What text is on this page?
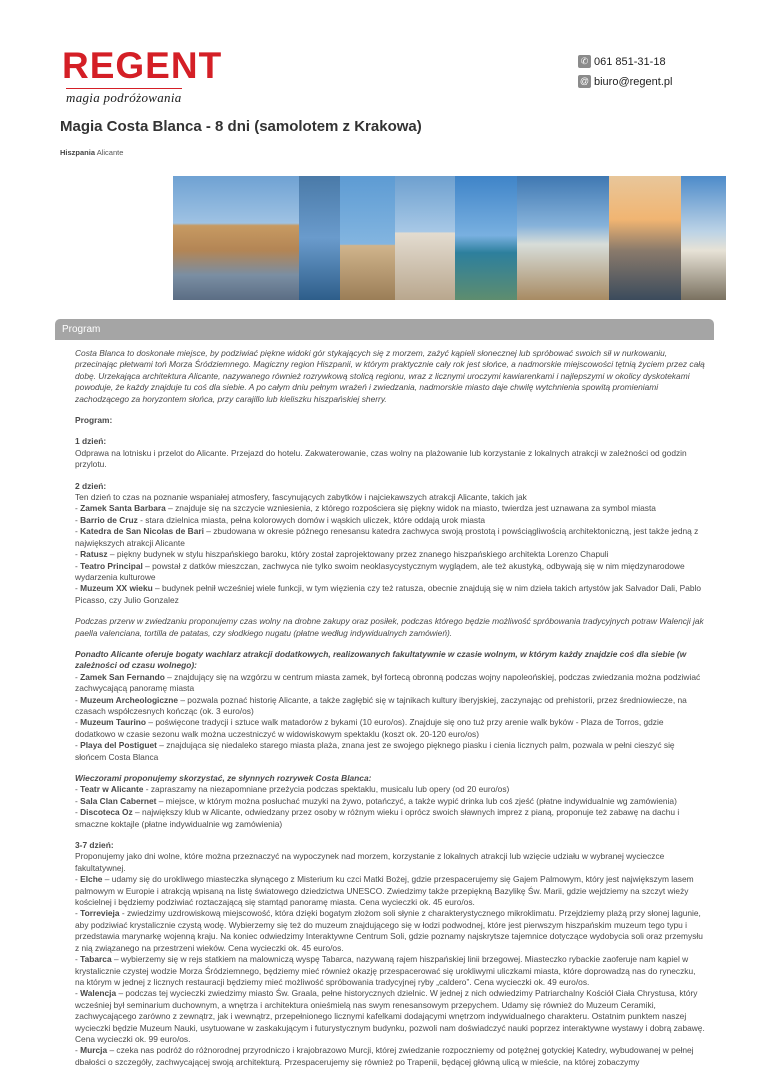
REGENT
magia podróżowania
✆ 061 851-31-18
@ biuro@regent.pl
Magia Costa Blanca - 8 dni (samolotem z Krakowa)
Hiszpania Alicante
Program

Costa Blanca to doskonałe miejsce, by podziwiać piękne widoki gór stykających się z morzem, zażyć kąpieli słonecznej lub spróbować swoich sił w nurkowaniu, przecinając płetwami toń Morza Śródziemnego. Magiczny region Hiszpanii, w którym praktycznie cały rok jest słońce, a nadmorskie miejscowości tętnią życiem przez całą dobę. Urzekająca architektura Alicante, nazywanego również rozrywkową stolicą regionu, wraz z licznymi uroczymi kawiarenkami i najlepszymi w okolicy dyskotekami powoduje, że każdy znajduje tu coś dla siebie. A po całym dniu pełnym wrażeń i zwiedzania, nadmorskie miasto daje chwilę wytchnienia spowitą promieniami zachodzącego za horyzontem słońca, przy carajillo lub kieliszku hiszpańskiej sherry.

Program:

1 dzień:
Odprawa na lotnisku i przelot do Alicante. Przejazd do hotelu. Zakwaterowanie, czas wolny na plażowanie lub korzystanie z lokalnych atrakcji w zależności od godzin przylotu.

2 dzień:
Ten dzień to czas na poznanie wspaniałej atmosfery, fascynujących zabytków i najciekawszych atrakcji Alicante, takich jak
- Zamek Santa Barbara – znajduje się na szczycie wzniesienia, z którego rozpościera się piękny widok na miasto, twierdza jest uznawana za symbol miasta
- Barrio de Cruz - stara dzielnica miasta, pełna kolorowych domów i wąskich uliczek, które oddają urok miasta
- Katedra de San Nicolas de Bari – zbudowana w okresie późnego renesansu katedra zachwyca swoją prostotą i powściągliwością architektoniczną, jest także jedną z największych atrakcji Alicante
- Ratusz – piękny budynek w stylu hiszpańskiego baroku, który został zaprojektowany przez znanego hiszpańskiego architekta Lorenzo Chapuli
- Teatro Principal – powstał z datków mieszczan, zachwyca nie tylko swoim neoklasycystycznym wyglądem, ale też akustyką, odbywają się w nim międzynarodowe wydarzenia kulturowe
- Muzeum XX wieku – budynek pełnił wcześniej wiele funkcji, w tym więzienia czy też ratusza, obecnie znajdują się w nim dzieła takich artystów jak Salvador Dali, Pablo Picasso, czy Julio Gonzalez

Podczas przerw w zwiedzaniu proponujemy czas wolny na drobne zakupy oraz posiłek, podczas którego będzie możliwość spróbowania tradycyjnych potraw Walencji jak paella valenciana, tortilla de patatas, czy słodkiego nugatu (płatne według indywidualnych zamówień).

Ponadto Alicante oferuje bogaty wachlarz atrakcji dodatkowych, realizowanych fakultatywnie w czasie wolnym, w którym każdy znajdzie coś dla siebie (w zależności od czasu wolnego):
- Zamek San Fernando – znajdujący się na wzgórzu w centrum miasta zamek, był fortecą obronną podczas wojny napoleońskiej, podczas zwiedzania można podziwiać zachwycającą panoramę miasta
- Muzeum Archeologiczne – pozwala poznać historię Alicante, a także zagłębić się w tajnikach kultury iberyjskiej, zaczynając od prehistorii, przez średniowiecze, na czasach współczesnych kończąc (ok. 3 euro/os)
- Muzeum Taurino – poświęcone tradycji i sztuce walk matadorów z bykami (10 euro/os). Znajduje się ono tuż przy arenie walk byków - Plaza de Torros, gdzie dodatkowo w czasie sezonu walk można uczestniczyć w widowiskowym spektaklu (koszt ok. 20-120 euro/os)
- Playa del Postiguet – znajdująca się niedaleko starego miasta plaża, znana jest ze swojego pięknego piasku i cienia licznych palm, pozwala w pełni cieszyć się słońcem Costa Blanca

Wieczorami proponujemy skorzystać, ze słynnych rozrywek Costa Blanca:
- Teatr w Alicante - zapraszamy na niezapomniane przeżycia podczas spektaklu, musicalu lub opery (od 20 euro/os)
- Sala Clan Cabernet – miejsce, w którym można posłuchać muzyki na żywo, potańczyć, a także wypić drinka lub coś zjeść (płatne indywidualnie wg zamówienia)
- Discoteca Oz – największy klub w Alicante, odwiedzany przez osoby w różnym wieku i oprócz swoich sławnych imprez z pianą, proponuje też zabawę na dachu i smaczne koktajle (płatne indywidualnie wg zamówienia)

3-7 dzień:
Proponujemy jako dni wolne, które można przeznaczyć na wypoczynek nad morzem, korzystanie z lokalnych atrakcji lub wzięcie udziału w wybranej wycieczce fakultatywnej.
- Elche – udamy się do urokliwego miasteczka słynącego z Misterium ku czci Matki Bożej, gdzie przespacerujemy się Gajem Palmowym, który jest największym lasem palmowym w Europie i atrakcją wpisaną na listę światowego dziedzictwa UNESCO. Zwiedzimy także przepiękną Bazylikę Św. Marii, gdzie wejdziemy na szczyt wieży kościelnej i będziemy podziwiać roztaczającą się stamtąd panoramę miasta. Cena wycieczki ok. 45 euro/os.
- Torrevieja - zwiedzimy uzdrowiskową miejscowość, która dzięki bogatym złożom soli słynie z charakterystycznego mikroklimatu. Przejdziemy plażą przy słonej lagunie, aby podziwiać krystalicznie czystą wodę. Wybierzemy się też do muzeum znajdującego się w łodzi podwodnej, które jest pierwszym hiszpańskim muzeum tego typu i przedstawia marynarkę wojenną kraju. Na koniec odwiedzimy Interaktywne Centrum Soli, gdzie poznamy najskrytsze tajemnice dotyczące wydobycia soli oraz przemysłu z nią związanego na przestrzeni wieków. Cena wycieczki ok. 45 euro/os.
- Tabarca – wybierzemy się w rejs statkiem na malowniczą wyspę Tabarca, nazywaną rajem hiszpańskiej linii brzegowej. Miasteczko rybackie zaoferuje nam kąpiel w krystalicznie czystej wodzie Morza Śródziemnego, będziemy mieć również okazję przespacerować się urokliwymi uliczkami miasta, które doprowadzą nas do ryneczku, na którym w jednej z licznych restauracji będziemy mieć możliwość spróbowania tradycyjnej ryby „caldero”. Cena wycieczki ok. 49 euro/os.
- Walencja – podczas tej wycieczki zwiedzimy miasto Św. Graala, pełne historycznych dzielnic. W jednej z nich odwiedzimy Patriarchalny Kościół Ciała Chrystusa, który wcześniej był seminarium duchownym, a wnętrza i architektura onieśmielą nas swym renesansowym przepychem. Udamy się również do Muzeum Ceramiki, zachwycającego zarówno z zewnątrz, jak i wewnątrz, przepełnionego licznymi kafelkami dodającymi wnętrzom indywidualnego charakteru. Ostatnim punktem naszej wycieczki będzie Muzeum Nauki, usytuowane w zaskakującym i futurystycznym budynku, pozwoli nam doświadczyć nauki poprzez interaktywne wystawy i dobrą zabawę. Cena wycieczki ok. 99 euro/os.
- Murcja – czeka nas podróż do różnorodnej przyrodniczo i krajobrazowo Murcji, której zwiedzanie rozpoczniemy od potężnej gotyckiej Katedry, wybudowanej w pełnej dbałości o szczegóły, zachwycającej swoją architekturą. Przespacerujemy się również po Trapenii, będącej główną ulicą w mieście, na której zobaczymy
